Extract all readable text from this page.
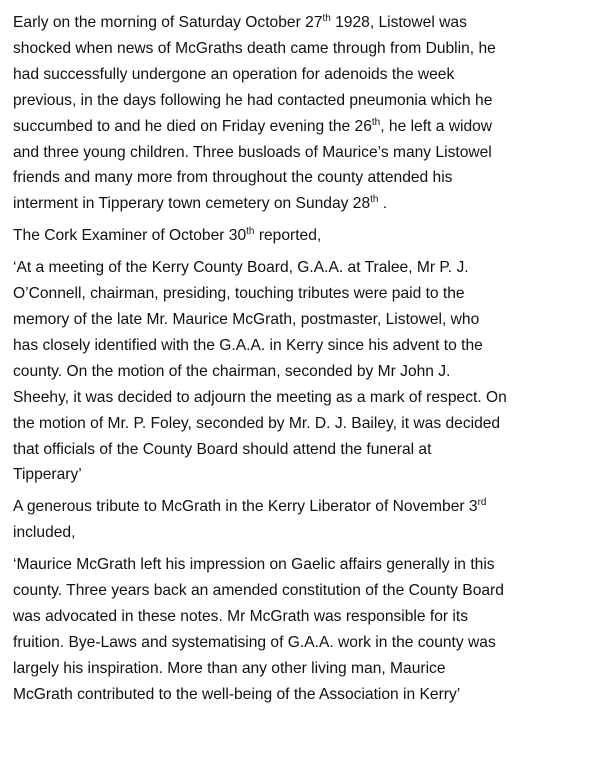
Early on the morning of Saturday October 27th 1928, Listowel was
shocked when news of McGraths death came through from Dublin, he
had successfully undergone an operation for adenoids the week
previous, in the days following he had contacted pneumonia which he
succumbed to and he died on Friday evening the 26th, he left a widow
and three young children. Three busloads of Maurice’s many Listowel
friends and many more from throughout the county attended his
interment in Tipperary town cemetery on Sunday 28th .

The Cork Examiner of October 30th reported,

‘At a meeting of the Kerry County Board, G.A.A. at Tralee, Mr P. J.
O’Connell, chairman, presiding, touching tributes were paid to the
memory of the late Mr. Maurice McGrath, postmaster, Listowel, who
has closely identified with the G.A.A. in Kerry since his advent to the
county. On the motion of the chairman, seconded by Mr John J.
Sheehy, it was decided to adjourn the meeting as a mark of respect. On
the motion of Mr. P. Foley, seconded by Mr. D. J. Bailey, it was decided
that officials of the County Board should attend the funeral at
Tipperary’

A generous tribute to McGrath in the Kerry Liberator of November 3rd
included,

‘Maurice McGrath left his impression on Gaelic affairs generally in this
county. Three years back an amended constitution of the County Board
was advocated in these notes. Mr McGrath was responsible for its
fruition. Bye-Laws and systematising of G.A.A. work in the county was
largely his inspiration. More than any other living man, Maurice
McGrath contributed to the well-being of the Association in Kerry’
